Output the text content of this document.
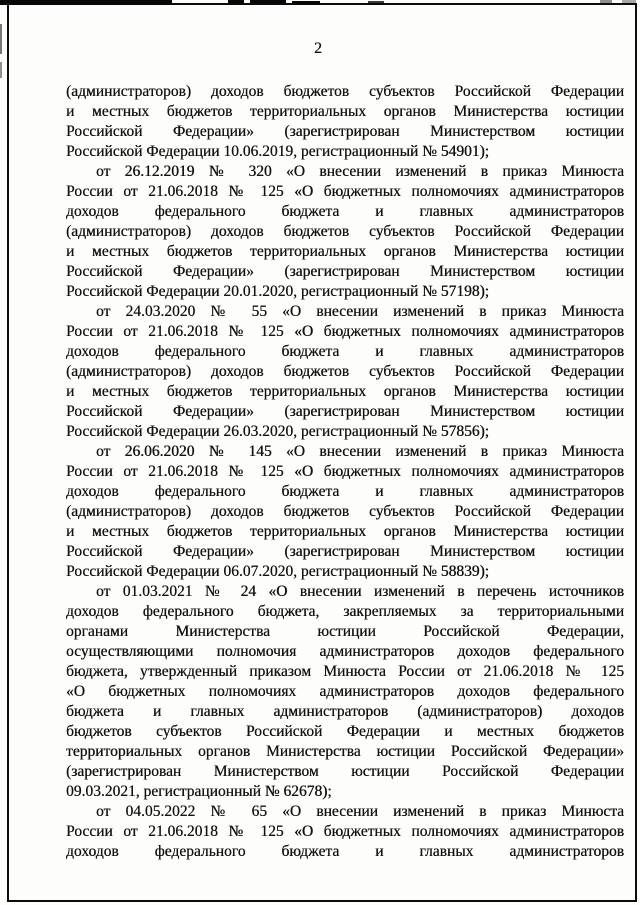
2
(администраторов) доходов бюджетов субъектов Российской Федерации
и местных бюджетов территориальных органов Министерства юстиции
Российской Федерации» (зарегистрирован Министерством юстиции
Российской Федерации 10.06.2019, регистрационный № 54901);
от 26.12.2019 № 320 «О внесении изменений в приказ Минюста
России от 21.06.2018 № 125 «О бюджетных полномочиях администраторов
доходов федерального бюджета и главных администраторов
(администраторов) доходов бюджетов субъектов Российской Федерации
и местных бюджетов территориальных органов Министерства юстиции
Российской Федерации» (зарегистрирован Министерством юстиции
Российской Федерации 20.01.2020, регистрационный № 57198);
от 24.03.2020 № 55 «О внесении изменений в приказ Минюста
России от 21.06.2018 № 125 «О бюджетных полномочиях администраторов
доходов федерального бюджета и главных администраторов
(администраторов) доходов бюджетов субъектов Российской Федерации
и местных бюджетов территориальных органов Министерства юстиции
Российской Федерации» (зарегистрирован Министерством юстиции
Российской Федерации 26.03.2020, регистрационный № 57856);
от 26.06.2020 № 145 «О внесении изменений в приказ Минюста
России от 21.06.2018 № 125 «О бюджетных полномочиях администраторов
доходов федерального бюджета и главных администраторов
(администраторов) доходов бюджетов субъектов Российской Федерации
и местных бюджетов территориальных органов Министерства юстиции
Российской Федерации» (зарегистрирован Министерством юстиции
Российской Федерации 06.07.2020, регистрационный № 58839);
от 01.03.2021 № 24 «О внесении изменений в перечень источников
доходов федерального бюджета, закрепляемых за территориальными
органами Министерства юстиции Российской Федерации,
осуществляющими полномочия администраторов доходов федерального
бюджета, утвержденный приказом Минюста России от 21.06.2018 № 125
«О бюджетных полномочиях администраторов доходов федерального
бюджета и главных администраторов (администраторов) доходов
бюджетов субъектов Российской Федерации и местных бюджетов
территориальных органов Министерства юстиции Российской Федерации»
(зарегистрирован Министерством юстиции Российской Федерации
09.03.2021, регистрационный № 62678);
от 04.05.2022 № 65 «О внесении изменений в приказ Минюста
России от 21.06.2018 № 125 «О бюджетных полномочиях администраторов
доходов федерального бюджета и главных администраторов
